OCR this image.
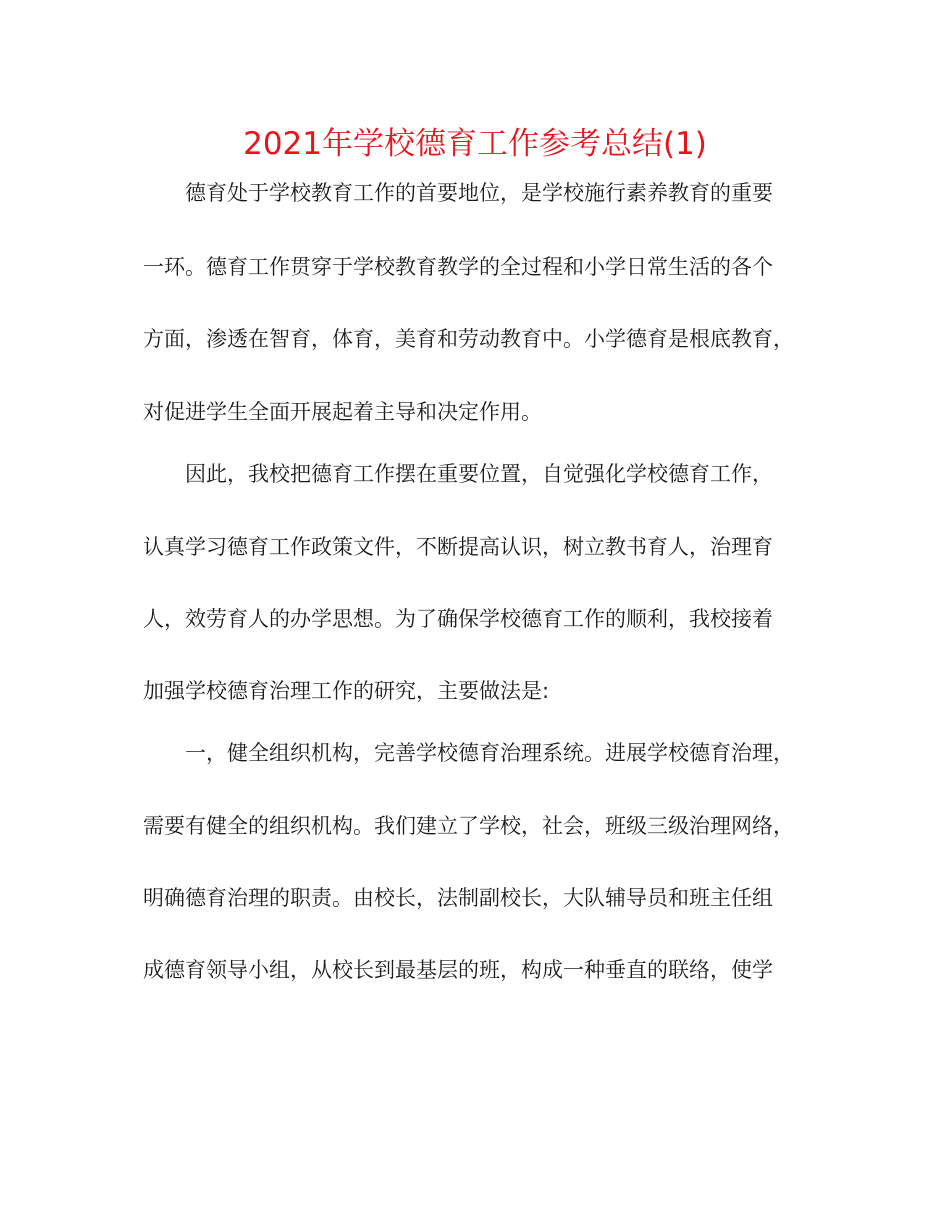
2021年学校德育工作参考总结(1)

德育处于学校教育工作的首要地位，是学校施行素养教育的重要

一环。德育工作贯穿于学校教育教学的全过程和小学日常生活的各个

方面，渗透在智育，体育，美育和劳动教育中。小学德育是根底教育，

对促进学生全面开展起着主导和决定作用。

因此，我校把德育工作摆在重要位置，自觉强化学校德育工作，

认真学习德育工作政策文件，不断提高认识，树立教书育人，治理育

人，效劳育人的办学思想。为了确保学校德育工作的顺利，我校接着

加强学校德育治理工作的研究，主要做法是:

一，健全组织机构，完善学校德育治理系统。进展学校德育治理，

需要有健全的组织机构。我们建立了学校，社会，班级三级治理网络，

明确德育治理的职责。由校长，法制副校长，大队辅导员和班主任组

成德育领导小组，从校长到最基层的班，构成一种垂直的联络，使学
